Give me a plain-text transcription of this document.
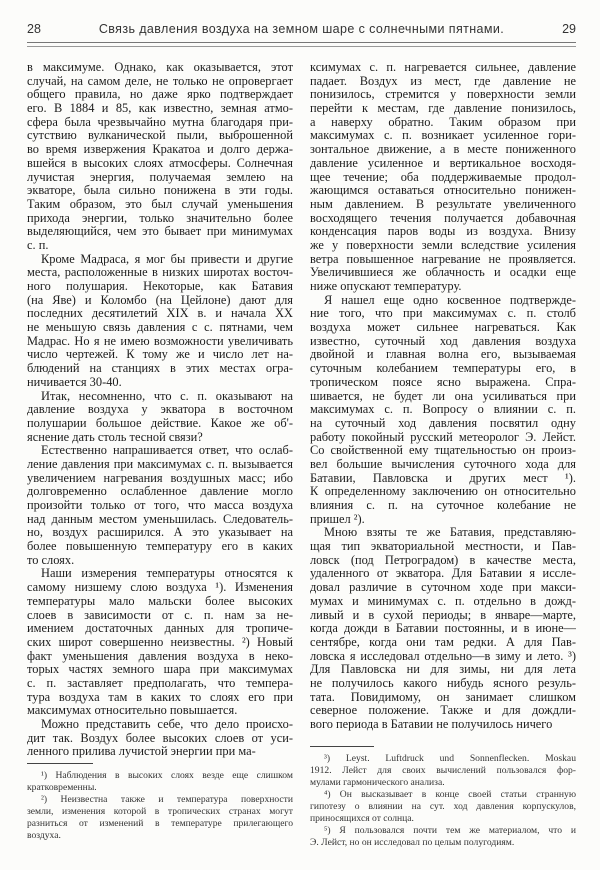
28	Связь давления воздуха на земном шаре с солнечными пятнами.	29
в максимуме. Однако, как оказывается, этот
случай, на самом деле, не только не опровергает
общего правила, но даже ярко подтверждает
его. В 1884 и 85, как известно, земная атмо-
сфера была чрезвычайно мутна благодаря при-
сутствию вулканической пыли, выброшенной
во время извержения Кракатоа и долго держа-
вшейся в высоких слоях атмосферы. Солнечная
лучистая энергия, получаемая землею на
экваторе, была сильно понижена в эти годы.
Таким образом, это был случай уменьшения
прихода энергии, только значительно более
выделяющийся, чем это бывает при минимумах
с. п.
Кроме Мадраса, я мог бы привести и другие
места, расположенные в низких широтах восточ-
ного полушария. Некоторые, как Батавия
(на Яве) и Коломбо (на Цейлоне) дают для
последних десятилетий XIX в. и начала XX
не меньшую связь давления с с. пятнами, чем
Мадрас. Но я не имею возможности увеличивать
число чертежей. К тому же и число лет на-
блюдений на станциях в этих местах огра-
ничивается 30-40.
Итак, несомненно, что с. п. оказывают на
давление воздуха у экватора в восточном
полушарии большое действие. Какое же об'-
яснение дать столь тесной связи?
Естественно напрашивается ответ, что ослаб-
ление давления при максимумах с. п. вызывается
увеличением нагревания воздушных масс; ибо
долговременно ослабленное давление могло
произойти только от того, что масса воздуха
над данным местом уменьшилась. Следователь-
но, воздух расширился. А это указывает на
более повышенную температуру его в каких
то слоях.
Наши измерения температуры относятся к
самому низшему слою воздуха ¹). Изменения
температуры мало мальски более высоких
слоев в зависимости от с. п. нам за не-
имением достаточных данных для тропиче-
ских широт совершенно неизвестны. ²) Новый
факт уменьшения давления воздуха в неко-
торых частях земного шара при максимумах
с. п. заставляет предполагать, что темпера-
тура воздуха там в каких то слоях его при
максимумах относительно повышается.
Можно представить себе, что дело происхо-
дит так. Воздух более высоких слоев от уси-
ленного прилива лучистой энергии при ма-
ксимумах с. п. нагревается сильнее, давление
падает. Воздух из мест, где давление не
понизилось, стремится у поверхности земли
перейти к местам, где давление понизилось,
а наверху обратно. Таким образом при
максимумах с. п. возникает усиленное гори-
зонтальное движение, а в месте пониженного
давление усиленное и вертикальное восходя-
щее течение; оба поддерживаемые продол-
жающимся оставаться относительно понижен-
ным давлением. В результате увеличенного
восходящего течения получается добавочная
конденсация паров воды из воздуха. Внизу
же у поверхности земли вследствие усиления
ветра повышенное нагревание не проявляется.
Увеличившиеся же облачность и осадки еще
ниже опускают температуру.
Я нашел еще одно косвенное подтвержде-
ние того, что при максимумах с. п. столб
воздуха может сильнее нагреваться. Как
известно, суточный ход давления воздуха
двойной и главная волна его, вызываемая
суточным колебанием температуры его, в
тропическом поясе ясно выражена. Спра-
шивается, не будет ли она усиливаться при
максимумах с. п. Вопросу о влиянии с. п.
на суточный ход давления посвятил одну
работу покойный русский метеоролог Э. Лейст.
Со свойственной ему тщательностью он произ-
вел большие вычисления суточного хода для
Батавии, Павловска и других мест ¹).
К определенному заключению он относительно
влияния с. п. на суточное колебание не
пришел ²).
Мною взяты те же Батавия, представляю-
щая тип экваториальной местности, и Пав-
ловск (под Петроградом) в качестве места,
удаленного от экватора. Для Батавии я иссле-
довал различие в суточном ходе при макси-
мумах и минимумах с. п. отдельно в дожд-
ливый и в сухой периоды; в январе—марте,
когда дожди в Батавии постоянны, и в июне—
сентябре, когда они там редки. А для Пав-
ловска я исследовал отдельно—в зиму и лето. ³)
Для Павловска ни для зимы, ни для лета
не получилось какого нибудь ясного резуль-
тата. Повидимому, он занимает слишком
северное положение. Также и для дождли-
вого периода в Батавии не получилось ничего
¹) Наблюдения в высоких слоях везде еще слишком
кратковременны.
²) Неизвестна также и температура поверхности
земли, изменения которой в тропических странах могут
разниться от изменений в температуре прилегающего
воздуха.
³) Leyst. Luftdruck und Sonnenflecken. Moskau
1912. Лейст для своих вычислений пользовался фор-
мулами гармонического анализа.
⁴) Он высказывает в конце своей статьи странную
гипотезу о влиянии на сут. ход давления корпускулов,
приносящихся от солнца.
⁵) Я пользовался почти тем же материалом, что и
Э. Лейст, но он исследовал по целым полугодиям.
